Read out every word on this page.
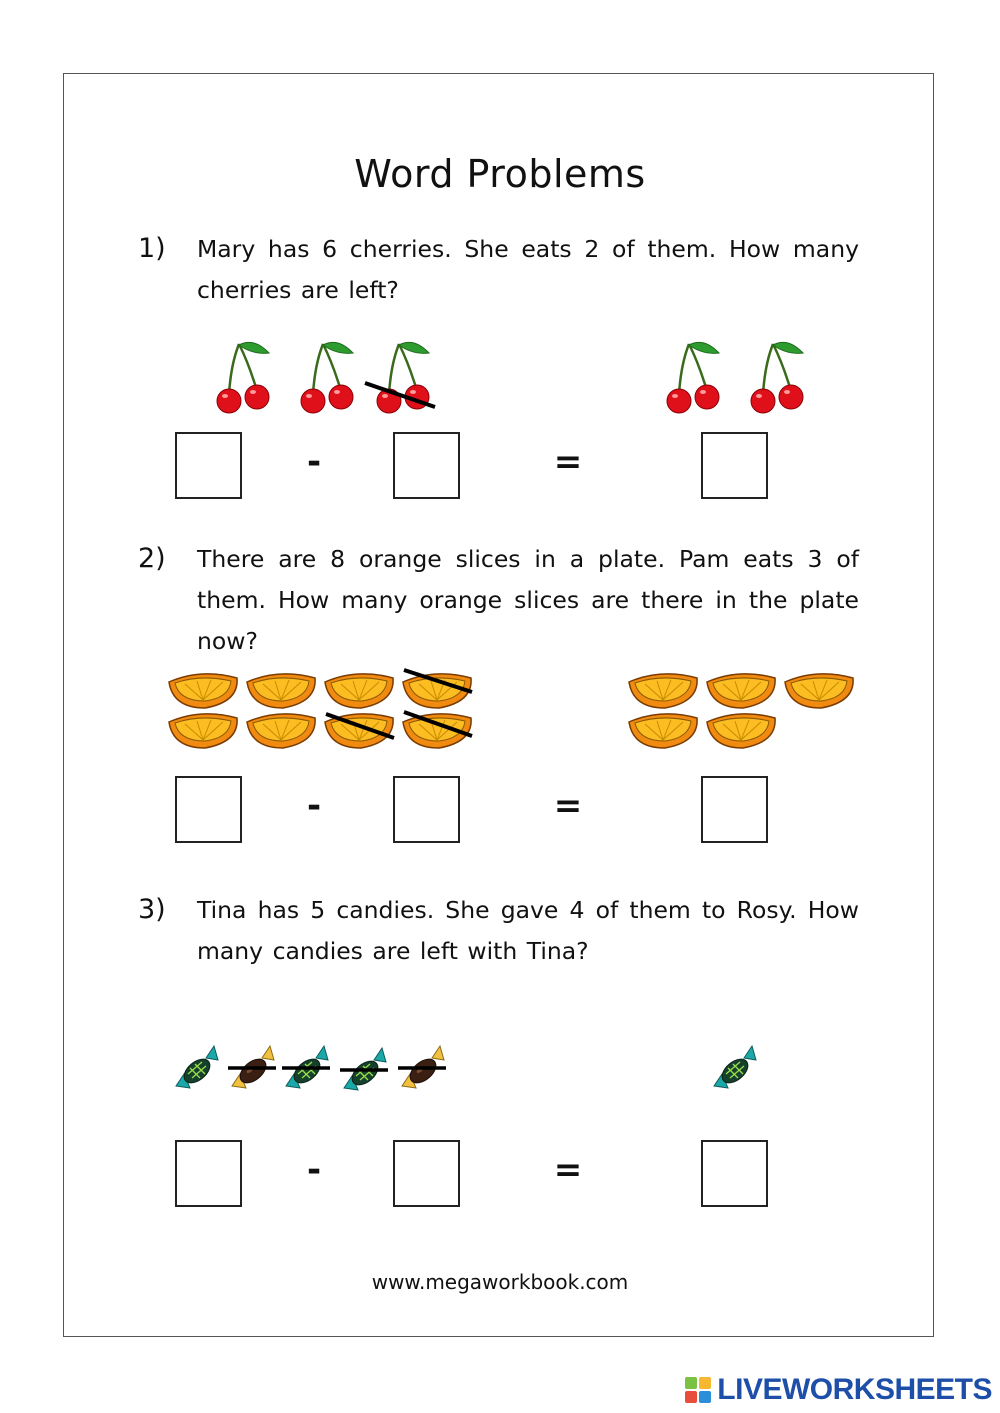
Word Problems
1) Mary has 6 cherries. She eats 2 of them. How many cherries are left?
-	=
2) There are 8 orange slices in a plate. Pam eats 3 of them. How many orange slices are there in the plate now?
-	=
3) Tina has 5 candies. She gave 4 of them to Rosy. How many candies are left with Tina?
-	=
www.megaworkbook.com
LIVEWORKSHEETS
